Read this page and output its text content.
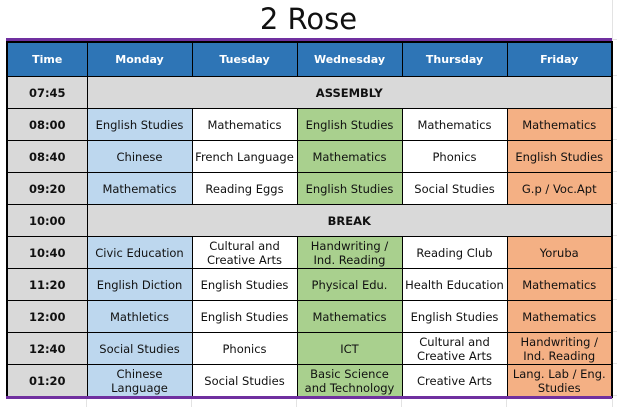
2 Rose
Time	Monday	Tuesday	Wednesday	Thursday	Friday
07:45	ASSEMBLY				
08:00	English Studies	Mathematics	English Studies	Mathematics	Mathematics
08:40	Chinese	French Language	Mathematics	Phonics	English Studies
09:20	Mathematics	Reading Eggs	English Studies	Social Studies	G.p / Voc.Apt
10:00	BREAK				
10:40	Civic Education	Cultural and Creative Arts	Handwriting / Ind. Reading	Reading Club	Yoruba
11:20	English Diction	English Studies	Physical Edu.	Health Education	Mathematics
12:00	Mathletics	English Studies	Mathematics	English Studies	Mathematics
12:40	Social Studies	Phonics	ICT	Cultural and Creative Arts	Handwriting / Ind. Reading
01:20	Chinese Language	Social Studies	Basic Science and Technology	Creative Arts	Lang. Lab / Eng. Studies
